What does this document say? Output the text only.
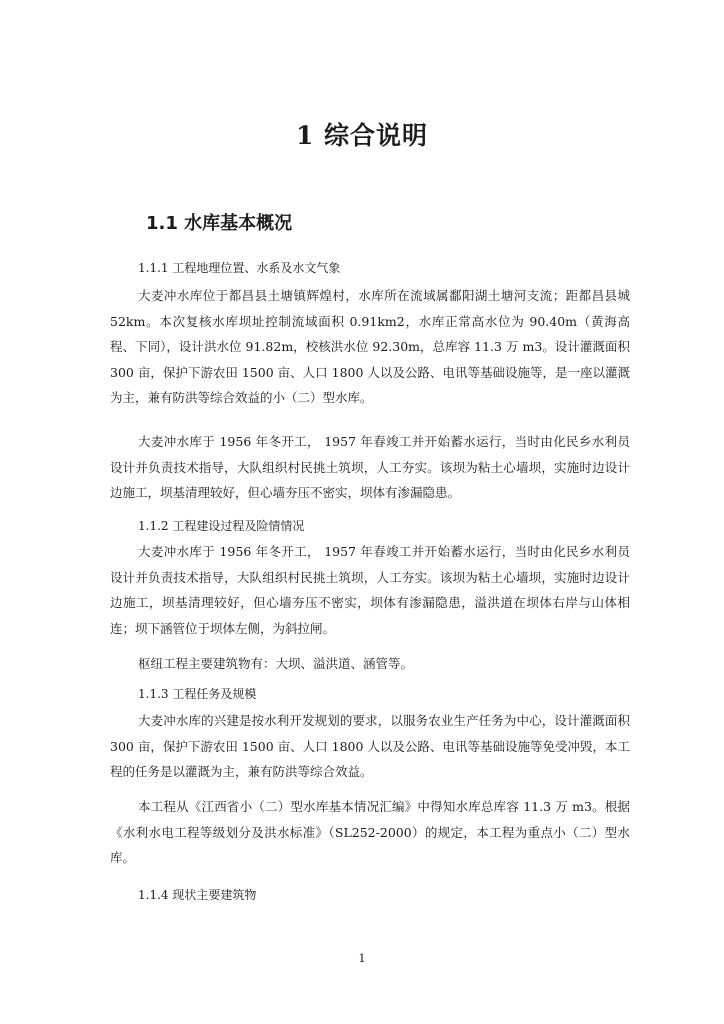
1 综合说明
1.1 水库基本概况

1.1.1 工程地理位置、水系及水文气象

大麦冲水库位于都昌县土塘镇辉煌村，水库所在流域属鄱阳湖土塘河支流；距都昌县城 52km。本次复核水库坝址控制流域面积 0.91km2，水库正常高水位为 90.40m（黄海高程、下同），设计洪水位 91.82m，校核洪水位 92.30m，总库容 11.3 万 m3。设计灌溉面积 300 亩，保护下游农田 1500 亩、人口 1800 人以及公路、电讯等基础设施等，是一座以灌溉为主，兼有防洪等综合效益的小（二）型水库。

大麦冲水库于 1956 年冬开工， 1957 年春竣工并开始蓄水运行，当时由化民乡水利员设计并负责技术指导，大队组织村民挑土筑坝，人工夯实。该坝为粘土心墙坝，实施时边设计边施工，坝基清理较好，但心墙夯压不密实，坝体有渗漏隐患。

1.1.2 工程建设过程及险情情况

大麦冲水库于 1956 年冬开工， 1957 年春竣工并开始蓄水运行，当时由化民乡水利员设计并负责技术指导，大队组织村民挑土筑坝，人工夯实。该坝为粘土心墙坝，实施时边设计边施工，坝基清理较好，但心墙夯压不密实，坝体有渗漏隐患，溢洪道在坝体右岸与山体相连；坝下涵管位于坝体左侧，为斜拉闸。

枢纽工程主要建筑物有：大坝、溢洪道、涵管等。

1.1.3 工程任务及规模

大麦冲水库的兴建是按水利开发规划的要求，以服务农业生产任务为中心，设计灌溉面积 300 亩，保护下游农田 1500 亩、人口 1800 人以及公路、电讯等基础设施等免受冲毁，本工程的任务是以灌溉为主，兼有防洪等综合效益。

本工程从《江西省小（二）型水库基本情况汇编》中得知水库总库容 11.3 万 m3。根据《水利水电工程等级划分及洪水标准》（SL252-2000）的规定，本工程为重点小（二）型水库。

1.1.4 现状主要建筑物

1
